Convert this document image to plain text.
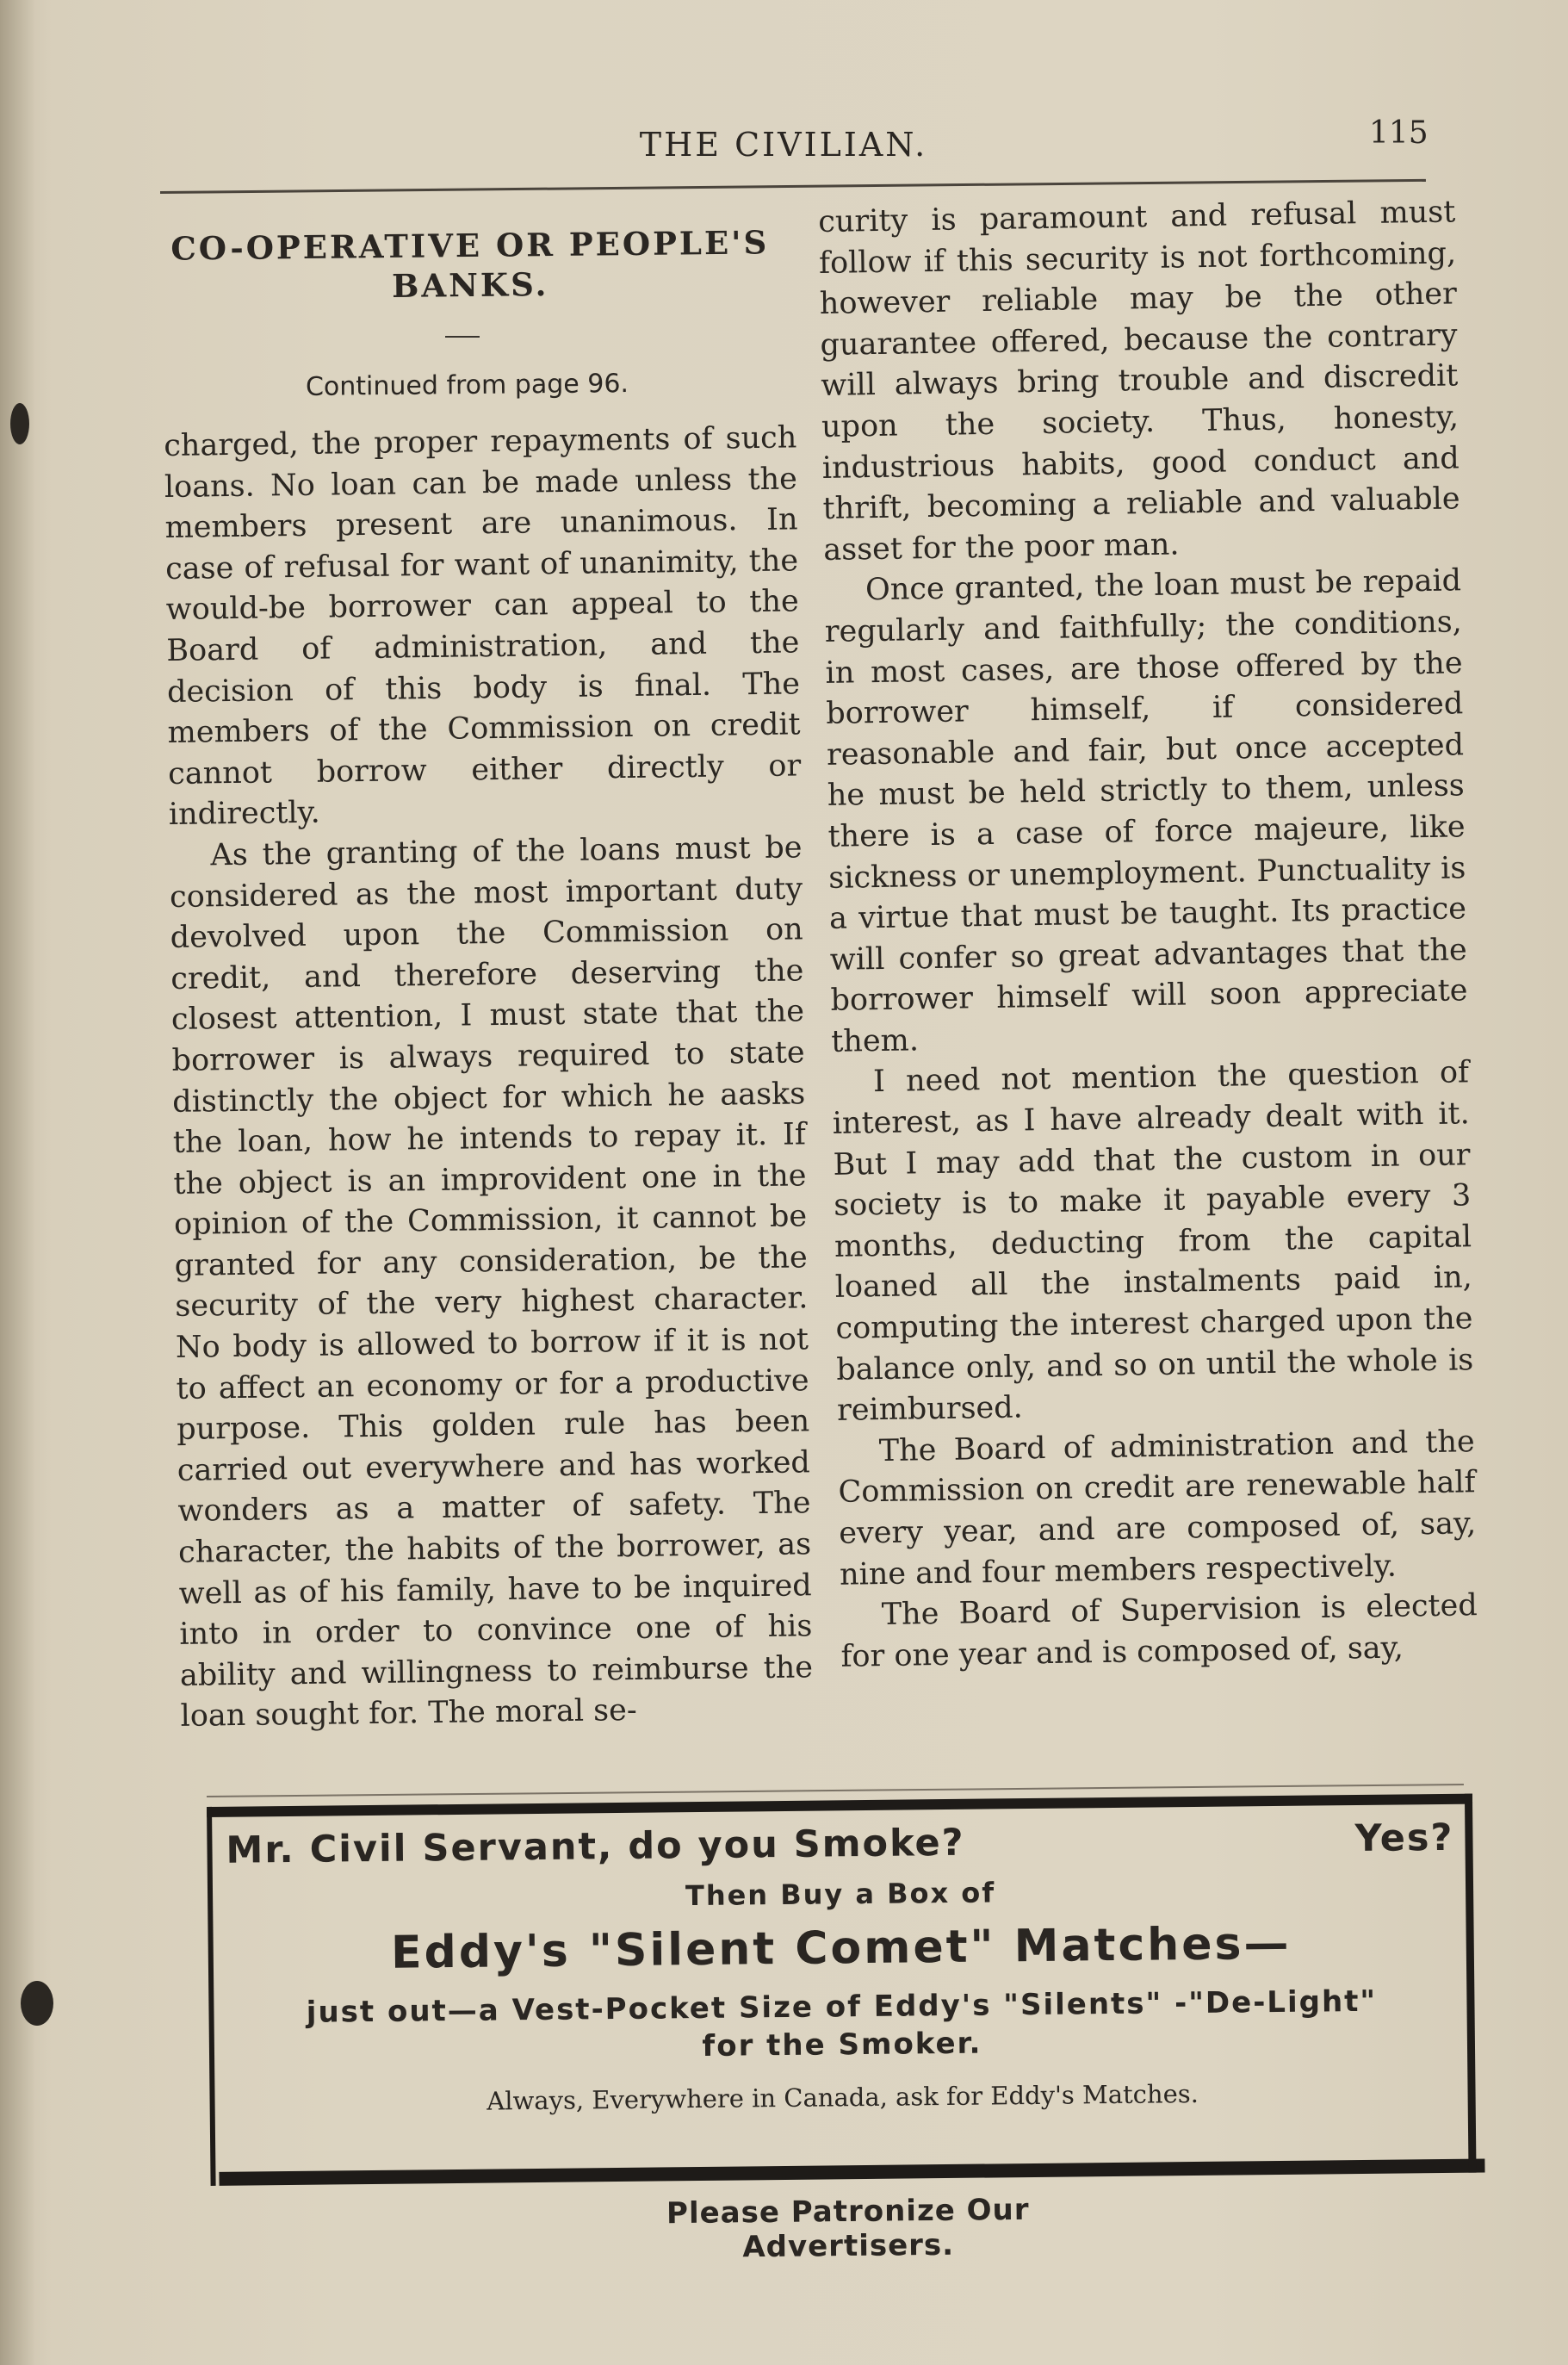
THE CIVILIAN.	115
CO-OPERATIVE OR PEOPLE'S BANKS.
Continued from page 96.

charged, the proper repayments of such loans. No loan can be made unless the members present are unanimous. In case of refusal for want of unanimity, the would-be borrower can appeal to the Board of administration, and the decision of this body is final. The members of the Commission on credit cannot borrow either directly or indirectly.

As the granting of the loans must be considered as the most important duty devolved upon the Commission on credit, and therefore deserving the closest attention, I must state that the borrower is always required to state distinctly the object for which he aasks the loan, how he intends to repay it. If the object is an improvident one in the opinion of the Commission, it cannot be granted for any consideration, be the security of the very highest character. No body is allowed to borrow if it is not to affect an economy or for a productive purpose. This golden rule has been carried out everywhere and has worked wonders as a matter of safety. The character, the habits of the borrower, as well as of his family, have to be inquired into in order to convince one of his ability and willingness to reimburse the loan sought for. The moral se-

curity is paramount and refusal must follow if this security is not forthcoming, however reliable may be the other guarantee offered, because the contrary will always bring trouble and discredit upon the society. Thus, honesty, industrious habits, good conduct and thrift, becoming a reliable and valuable asset for the poor man.

Once granted, the loan must be repaid regularly and faithfully; the conditions, in most cases, are those offered by the borrower himself, if considered reasonable and fair, but once accepted he must be held strictly to them, unless there is a case of force majeure, like sickness or unemployment. Punctuality is a virtue that must be taught. Its practice will confer so great advantages that the borrower himself will soon appreciate them.

I need not mention the question of interest, as I have already dealt with it. But I may add that the custom in our society is to make it payable every 3 months, deducting from the capital loaned all the instalments paid in, computing the interest charged upon the balance only, and so on until the whole is reimbursed.

The Board of administration and the Commission on credit are renewable half every year, and are composed of, say, nine and four members respectively.

The Board of Supervision is elected for one year and is composed of, say,

Mr. Civil Servant, do you Smoke?	Yes?
Then Buy a Box of
Eddy's "Silent Comet" Matches—
just out—a Vest-Pocket Size of Eddy's "Silents" -"De-Light"
for the Smoker.
Always, Everywhere in Canada, ask for Eddy's Matches.
Please Patronize Our Advertisers.
